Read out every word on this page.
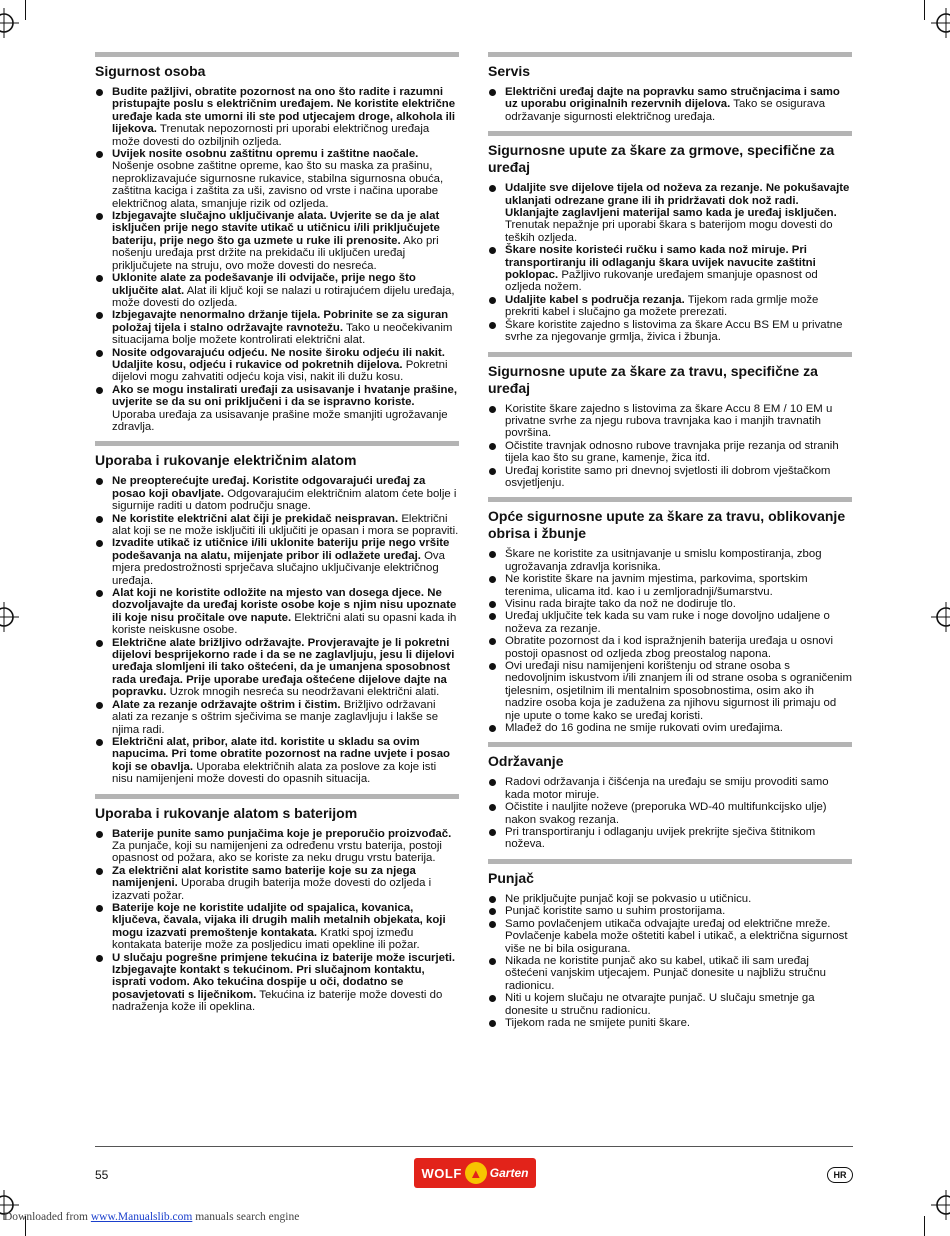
Sigurnost osoba
Budite pažljivi, obratite pozornost na ono što radite i razumni pristupajte poslu s električnim uređajem. Ne koristite električne uređaje kada ste umorni ili ste pod utjecajem droge, alkohola ili lijekova. Trenutak nepozornosti pri uporabi električnog uređaja može dovesti do ozbiljnih ozljeda.
Uvijek nosite osobnu zaštitnu opremu i zaštitne naočale. Nošenje osobne zaštitne opreme, kao što su maska za prašinu, neproklizavajuće sigurnosne rukavice, stabilna sigurnosna obuća, zaštitna kaciga i zaštita za uši, zavisno od vrste i načina uporabe električnog alata, smanjuje rizik od ozljeda.
Izbjegavajte slučajno uključivanje alata. Uvjerite se da je alat isključen prije nego stavite utikač u utičnicu i/ili priključujete bateriju, prije nego što ga uzmete u ruke ili prenosite. Ako pri nošenju uređaja prst držite na prekidaču ili uključen uređaj priključujete na struju, ovo može dovesti do nesreća.
Uklonite alate za podešavanje ili odvijače, prije nego što uključite alat. Alat ili ključ koji se nalazi u rotirajućem dijelu uređaja, može dovesti do ozljeda.
Izbjegavajte nenormalno držanje tijela. Pobrinite se za siguran položaj tijela i stalno održavajte ravnotežu. Tako u neočekivanim situacijama bolje možete kontrolirati električni alat.
Nosite odgovarajuću odjeću. Ne nosite široku odjeću ili nakit. Udaljite kosu, odjeću i rukavice od pokretnih dijelova. Pokretni dijelovi mogu zahvatiti odjeću koja visi, nakit ili dužu kosu.
Ako se mogu instalirati uređaji za usisavanje i hvatanje prašine, uvjerite se da su oni priključeni i da se ispravno koriste. Uporaba uređaja za usisavanje prašine može smanjiti ugrožavanje zdravlja.
Uporaba i rukovanje električnim alatom
Ne preopterećujte uređaj. Koristite odgovarajući uređaj za posao koji obavljate. Odgovarajućim električnim alatom ćete bolje i sigurnije raditi u datom području snage.
Ne koristite električni alat čiji je prekidač neispravan. Električni alat koji se ne može isključiti ili uključiti je opasan i mora se popraviti.
Izvadite utikač iz utičnice i/ili uklonite bateriju prije nego vršite podešavanja na alatu, mijenjate pribor ili odlažete uređaj. Ova mjera predostrožnosti sprječava slučajno uključivanje električnog uređaja.
Alat koji ne koristite odložite na mjesto van dosega djece. Ne dozvoljavajte da uređaj koriste osobe koje s njim nisu upoznate ili koje nisu pročitale ove napute. Električni alati su opasni kada ih koriste neiskusne osobe.
Električne alate brižljivo održavajte. Provjeravajte je li pokretni dijelovi besprijekorno rade i da se ne zaglavljuju, jesu li dijelovi uređaja slomljeni ili tako oštećeni, da je umanjena sposobnost rada uređaja. Prije uporabe uređaja oštećene dijelove dajte na popravku. Uzrok mnogih nesreća su neodržavani električni alati.
Alate za rezanje održavajte oštrim i čistim. Brižljivo održavani alati za rezanje s oštrim sječivima se manje zaglavljuju i lakše se njima radi.
Električni alat, pribor, alate itd. koristite u skladu sa ovim napucima. Pri tome obratite pozornost na radne uvjete i posao koji se obavlja. Uporaba električnih alata za poslove za koje isti nisu namijenjeni može dovesti do opasnih situacija.
Uporaba i rukovanje alatom s baterijom
Baterije punite samo punjačima koje je preporučio proizvođač. Za punjače, koji su namijenjeni za određenu vrstu baterija, postoji opasnost od požara, ako se koriste za neku drugu vrstu baterija.
Za električni alat koristite samo baterije koje su za njega namijenjeni. Uporaba drugih baterija može dovesti do ozljeda i izazvati požar.
Baterije koje ne koristite udaljite od spajalica, kovanica, ključeva, čavala, vijaka ili drugih malih metalnih objekata, koji mogu izazvati premoštenje kontakata. Kratki spoj između kontakata baterije može za posljedicu imati opekline ili požar.
U slučaju pogrešne primjene tekućina iz baterije može iscurjeti. Izbjegavajte kontakt s tekućinom. Pri slučajnom kontaktu, isprati vodom. Ako tekućina dospije u oči, dodatno se posavjetovati s liječnikom. Tekućina iz baterije može dovesti do nadraženja kože ili opeklina.
Servis
Električni uređaj dajte na popravku samo stručnjacima i samo uz uporabu originalnih rezervnih dijelova. Tako se osigurava održavanje sigurnosti električnog uređaja.
Sigurnosne upute za škare za grmove, specifične za uređaj
Udaljite sve dijelove tijela od noževa za rezanje. Ne pokušavajte uklanjati odrezane grane ili ih pridržavati dok nož radi. Uklanjajte zaglavljeni materijal samo kada je uređaj isključen. Trenutak nepažnje pri uporabi škara s baterijom mogu dovesti do teških ozljeda.
Škare nosite koristeći ručku i samo kada nož miruje. Pri transportiranju ili odlaganju škara uvijek navucite zaštitni poklopac. Pažljivo rukovanje uređajem smanjuje opasnost od ozljeda nožem.
Udaljite kabel s područja rezanja. Tijekom rada grmlje može prekriti kabel i slučajno ga možete prerezati.
Škare koristite zajedno s listovima za škare Accu BS EM u privatne svrhe za njegovanje grmlja, živica i žbunja.
Sigurnosne upute za škare za travu, specifične za uređaj
Koristite škare zajedno s listovima za škare Accu 8 EM / 10 EM u privatne svrhe za njegu rubova travnjaka kao i manjih travnatih površina.
Očistite travnjak odnosno rubove travnjaka prije rezanja od stranih tijela kao što su grane, kamenje, žica itd.
Uređaj koristite samo pri dnevnoj svjetlosti ili dobrom vještačkom osvjetljenju.
Opće sigurnosne upute za škare za travu, oblikovanje obrisa i žbunje
Škare ne koristite za usitnjavanje u smislu kompostiranja, zbog ugrožavanja zdravlja korisnika.
Ne koristite škare na javnim mjestima, parkovima, sportskim terenima, ulicama itd. kao i u zemljoradnji/šumarstvu.
Visinu rada birajte tako da nož ne dodiruje tlo.
Uređaj uključite tek kada su vam ruke i noge dovoljno udaljene o noževa za rezanje.
Obratite pozornost da i kod ispražnjenih baterija uređaja u osnovi postoji opasnost od ozljeda zbog preostalog napona.
Ovi uređaji nisu namijenjeni korištenju od strane osoba s nedovoljnim iskustvom i/ili znanjem ili od strane osoba s ograničenim tjelesnim, osjetilnim ili mentalnim sposobnostima, osim ako ih nadzire osoba koja je zadužena za njihovu sigurnost ili primaju od nje upute o tome kako se uređaj koristi.
Mlađež do 16 godina ne smije rukovati ovim uređajima.
Održavanje
Radovi održavanja i čišćenja na uređaju se smiju provoditi samo kada motor miruje.
Očistite i nauljite noževe (preporuka WD-40 multifunkcijsko ulje) nakon svakog rezanja.
Pri transportiranju i odlaganju uvijek prekrijte sječiva štitnikom noževa.
Punjač
Ne priključujte punjač koji se pokvasio u utičnicu.
Punjač koristite samo u suhim prostorijama.
Samo povlačenjem utikača odvajajte uređaj od električne mreže. Povlačenje kabela može oštetiti kabel i utikač, a električna sigurnost više ne bi bila osigurana.
Nikada ne koristite punjač ako su kabel, utikač ili sam uređaj oštećeni vanjskim utjecajem. Punjač donesite u najbližu stručnu radionicu.
Niti u kojem slučaju ne otvarajte punjač. U slučaju smetnje ga donesite u stručnu radionicu.
Tijekom rada ne smijete puniti škare.
55	WOLF ▲ Garten	HR
Downloaded from www.Manualslib.com manuals search engine
